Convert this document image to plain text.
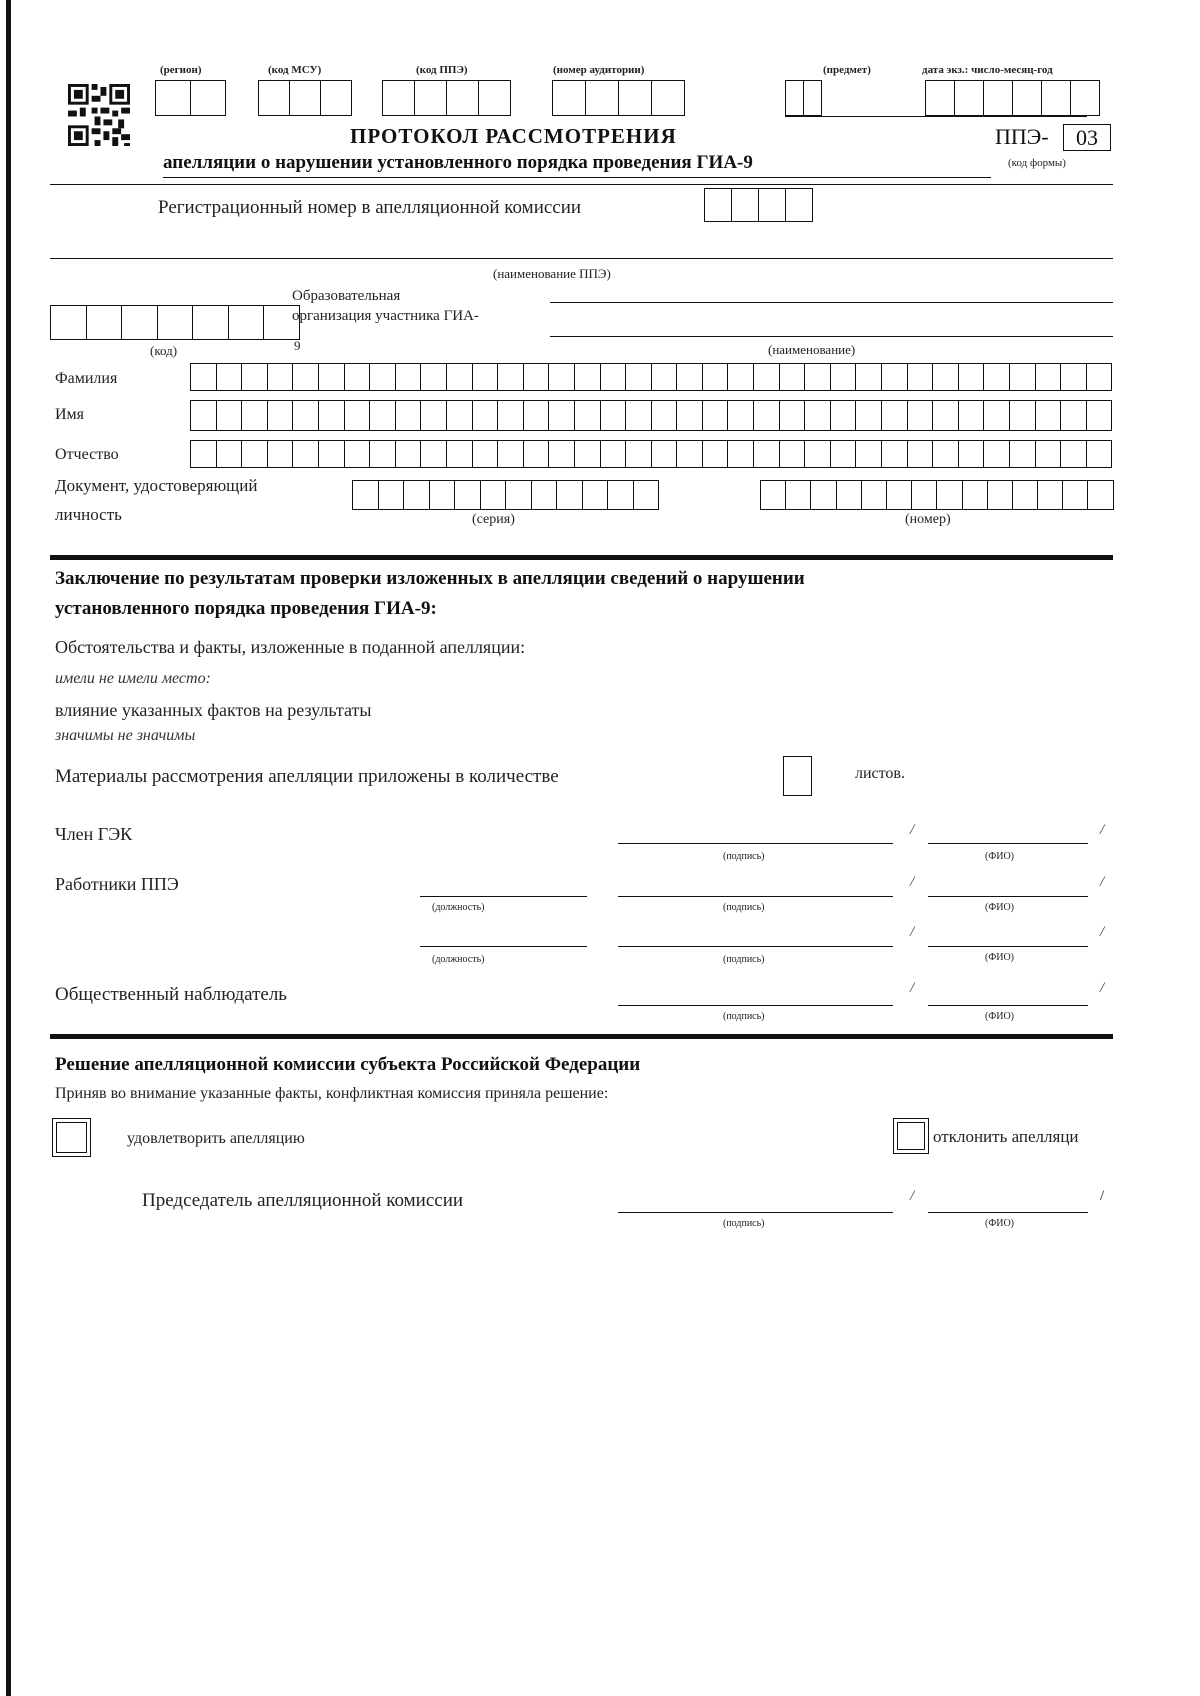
(регион)	(код МСУ)	(код ППЭ)	(номер аудитории)	(предмет)	дата экз.: число-месяц-год
ПРОТОКОЛ РАССМОТРЕНИЯ
апелляции о нарушении установленного порядка проведения ГИА-9
ППЭ-	03
(код формы)
Регистрационный номер в апелляционной комиссии
(наименование ППЭ)
Образовательная
организация участника ГИА-
9
(код)	(наименование)
Фамилия
Имя
Отчество
Документ, удостоверяющий
личность	(серия)	(номер)
Заключение по результатам проверки изложенных в апелляции сведений о нарушении
установленного порядка проведения ГИА-9:
Обстоятельства и факты, изложенные в поданной апелляции:
имели не имели место:
влияние указанных фактов на результаты
значимы не значимы
Материалы рассмотрения апелляции приложены в количестве	листов.
Член ГЭК
(подпись)
/
(ФИО)
/
Работники ППЭ
(должность)	(подпись)
/
(ФИО)
/
(должность)	(подпись)
/
(ФИО)
/
Общественный наблюдатель
(подпись)
/
(ФИО)
/
Решение апелляционной комиссии субъекта Российской Федерации
Приняв во внимание указанные факты, конфликтная комиссия приняла решение:
удовлетворить апелляцию	отклонить апелляци
Председатель апелляционной комиссии
(подпись)
/
(ФИО)
/
